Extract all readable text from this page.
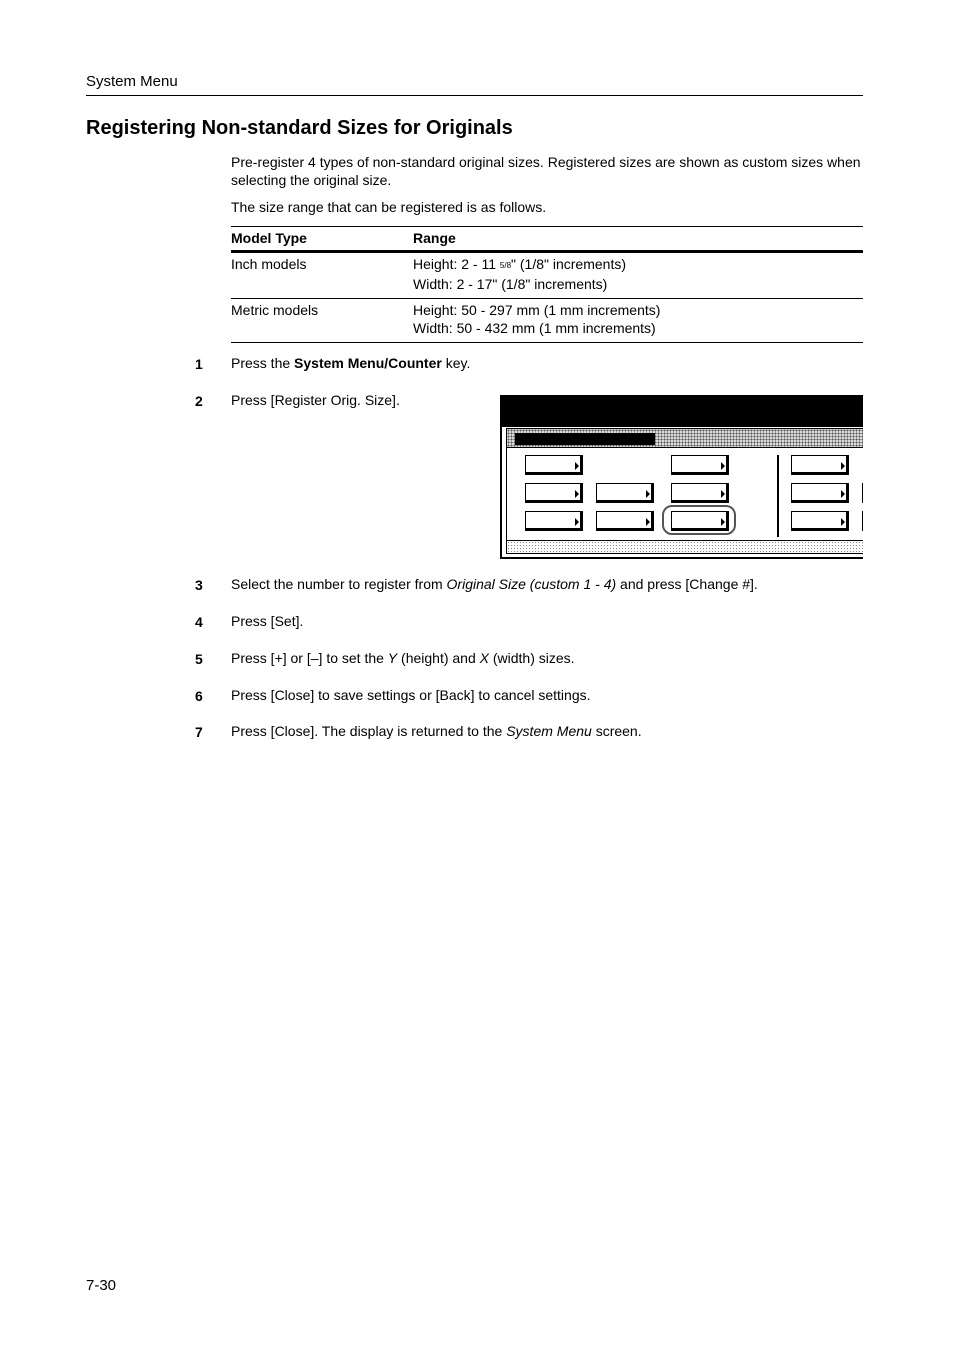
System Menu
Registering Non-standard Sizes for Originals
Pre-register 4 types of non-standard original sizes. Registered sizes are shown as custom sizes when selecting the original size.
The size range that can be registered is as follows.
Model Type	Range
Inch models	Height: 2 - 11 5/8" (1/8" increments)
Width: 2 - 17" (1/8" increments)

Metric models	Height: 50 - 297 mm (1 mm increments)
Width: 50 - 432 mm (1 mm increments)
1	Press the System Menu/Counter key.
2	Press [Register Orig. Size].
3	Select the number to register from Original Size (custom 1 - 4) and press [Change #].
4	Press [Set].
5	Press [+] or [–] to set the Y (height) and X (width) sizes.
6	Press [Close] to save settings or [Back] to cancel settings.
7	Press [Close]. The display is returned to the System Menu screen.
7-30
